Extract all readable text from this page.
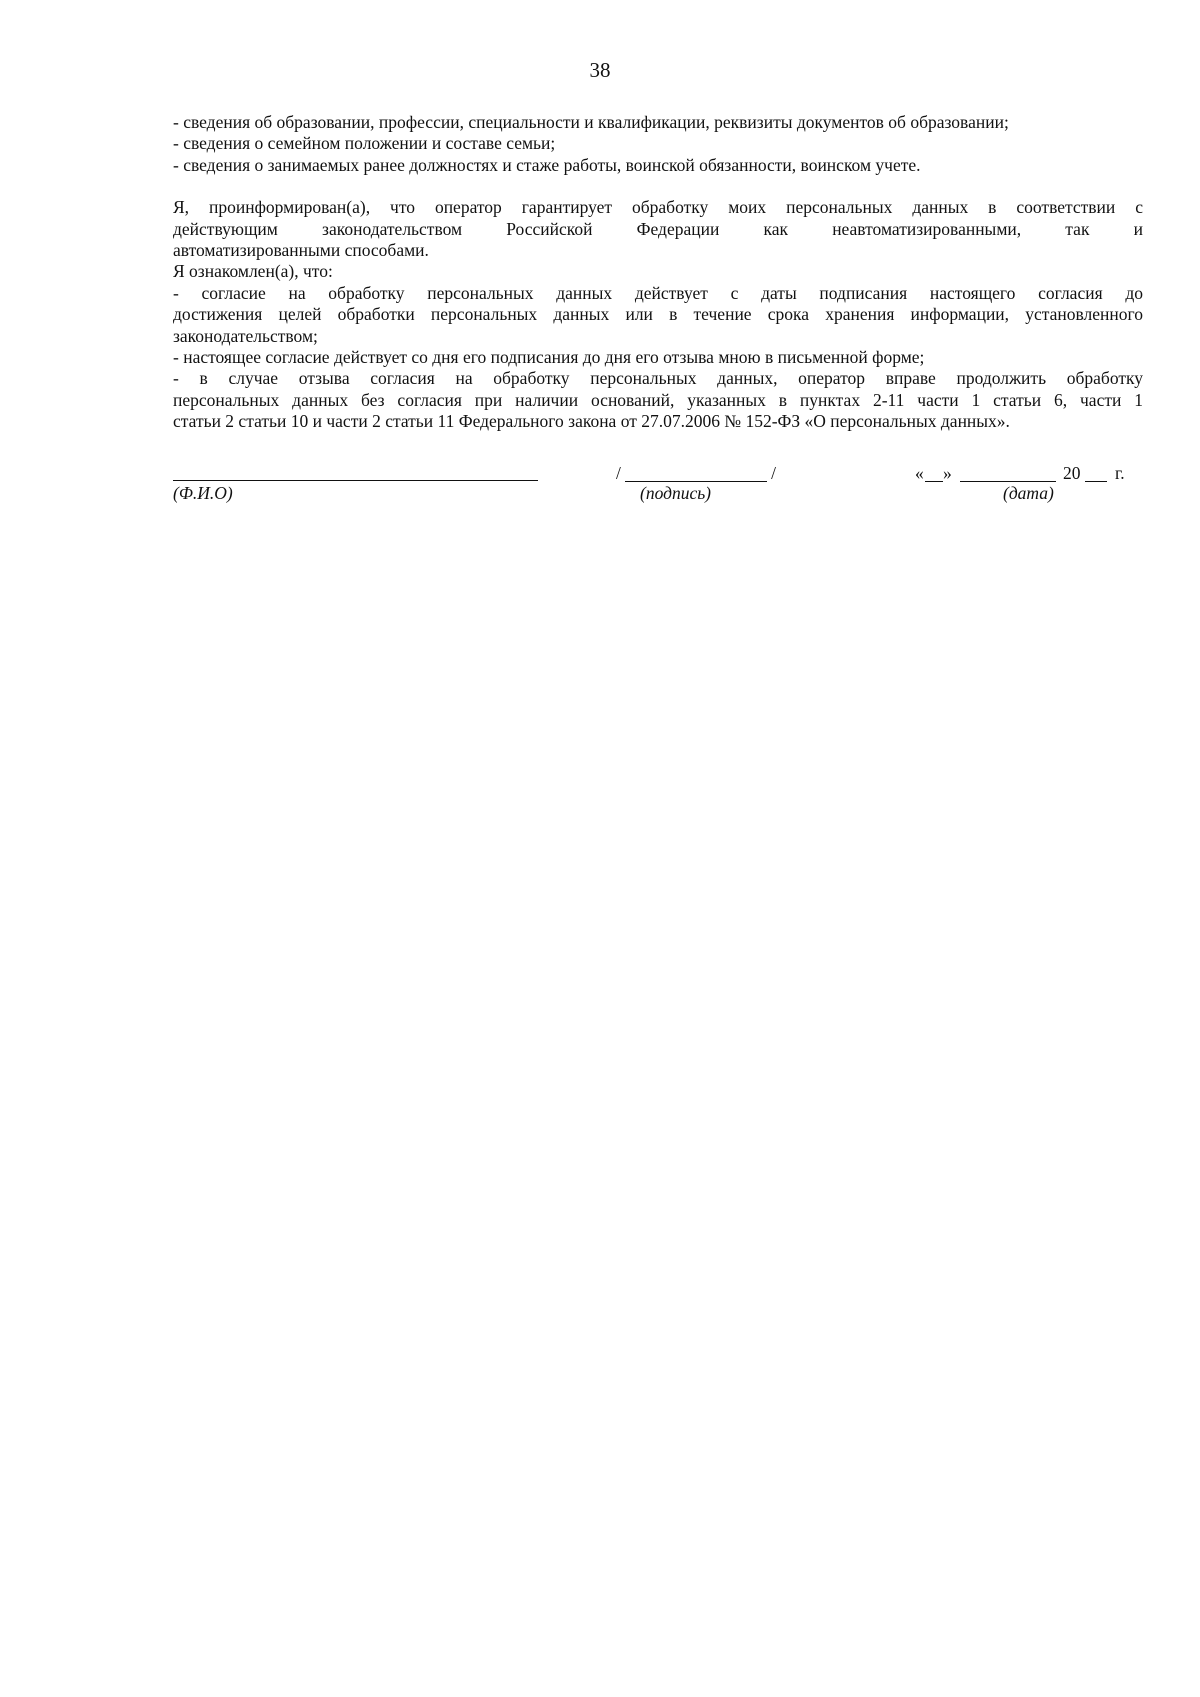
38
- сведения об образовании, профессии, специальности и квалификации, реквизиты документов об образовании;
- сведения о семейном положении и составе семьи;
- сведения о занимаемых ранее должностях и стаже работы, воинской обязанности, воинском учете.
Я, проинформирован(а), что оператор гарантирует обработку моих персональных данных в соответствии с
действующим законодательством Российской Федерации как неавтоматизированными, так и
автоматизированными способами.
Я ознакомлен(а), что:
- согласие на обработку персональных данных действует с даты подписания настоящего согласия до
достижения целей обработки персональных данных или в течение срока хранения информации, установленного
законодательством;
- настоящее согласие действует со дня его подписания до дня его отзыва мною в письменной форме;
- в случае отзыва согласия на обработку персональных данных, оператор вправе продолжить обработку
персональных данных без согласия при наличии оснований, указанных в пунктах 2-11 части 1 статьи 6, части 1
статьи 2 статьи 10 и части 2 статьи 11 Федерального закона от 27.07.2006 № 152-ФЗ «О персональных данных».
(Ф.И.О)
/	/
(подпись)
« »	20 г.
(дата)
